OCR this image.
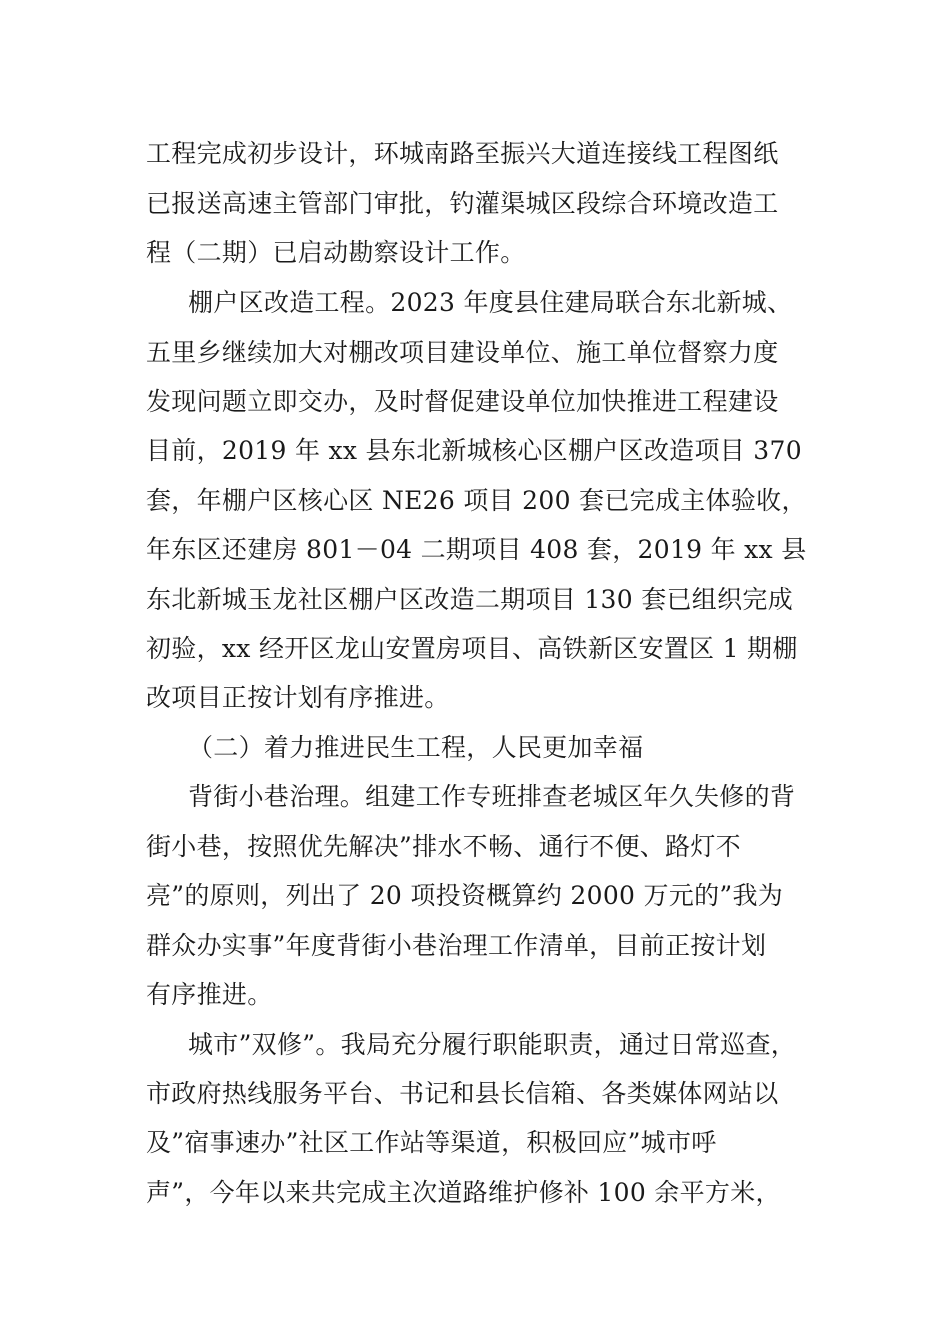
工程完成初步设计，环城南路至振兴大道连接线工程图纸
已报送高速主管部门审批，钓灌渠城区段综合环境改造工
程（二期）已启动勘察设计工作。
棚户区改造工程。2023 年度县住建局联合东北新城、
五里乡继续加大对棚改项目建设单位、施工单位督察力度
发现问题立即交办，及时督促建设单位加快推进工程建设
目前，2019 年 xx 县东北新城核心区棚户区改造项目 370
套，年棚户区核心区 NE26 项目 200 套已完成主体验收，
年东区还建房 801－04 二期项目 408 套，2019 年 xx 县
东北新城玉龙社区棚户区改造二期项目 130 套已组织完成
初验，xx 经开区龙山安置房项目、高铁新区安置区 1 期棚
改项目正按计划有序推进。
（二）着力推进民生工程，人民更加幸福
背街小巷治理。组建工作专班排查老城区年久失修的背
街小巷，按照优先解决”排水不畅、通行不便、路灯不
亮”的原则，列出了 20 项投资概算约 2000 万元的”我为
群众办实事”年度背街小巷治理工作清单，目前正按计划
有序推进。
城市”双修”。我局充分履行职能职责，通过日常巡查，
市政府热线服务平台、书记和县长信箱、各类媒体网站以
及”宿事速办”社区工作站等渠道，积极回应”城市呼
声”，今年以来共完成主次道路维护修补 100 余平方米，
